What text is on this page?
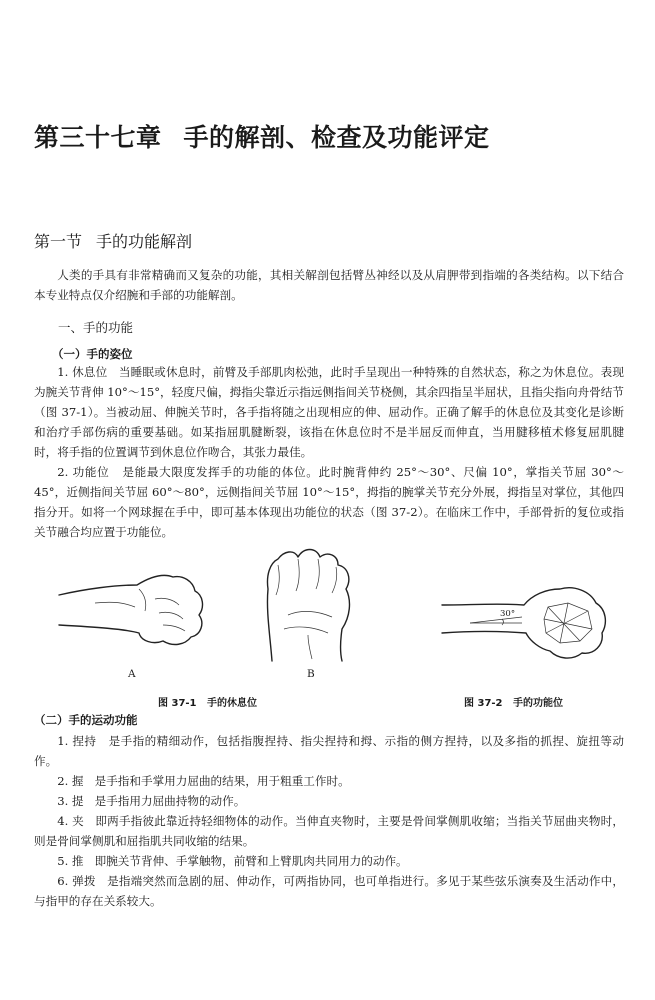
第三十七章 手的解剖、检查及功能评定
第一节 手的功能解剖

人类的手具有非常精确而又复杂的功能，其相关解剖包括臂丛神经以及从肩胛带到指端的各类结构。以下结合本专业特点仅介绍腕和手部的功能解剖。

一、手的功能
（一）手的姿位

1. 休息位 当睡眠或休息时，前臂及手部肌肉松弛，此时手呈现出一种特殊的自然状态，称之为休息位。表现为腕关节背伸 10°～15°，轻度尺偏，拇指尖靠近示指远侧指间关节桡侧，其余四指呈半屈状，且指尖指向舟骨结节（图 37-1）。当被动屈、伸腕关节时，各手指将随之出现相应的伸、屈动作。正确了解手的休息位及其变化是诊断和治疗手部伤病的重要基础。如某指屈肌腱断裂，该指在休息位时不是半屈反而伸直，当用腱移植术修复屈肌腱时，将手指的位置调节到休息位作吻合，其张力最佳。

2. 功能位 是能最大限度发挥手的功能的体位。此时腕背伸约 25°～30°、尺偏 10°，掌指关节屈 30°～45°，近侧指间关节屈 60°～80°，远侧指间关节屈 10°～15°，拇指的腕掌关节充分外展，拇指呈对掌位，其他四指分开。如将一个网球握在手中，即可基本体现出功能位的状态（图 37-2）。在临床工作中，手部骨折的复位或指关节融合均应置于功能位。

A	B
30°
图 37-1 手的休息位	图 37-2 手的功能位
（二）手的运动功能

1. 捏持 是手指的精细动作，包括指腹捏持、指尖捏持和拇、示指的侧方捏持，以及多指的抓捏、旋扭等动作。

2. 握 是手指和手掌用力屈曲的结果，用于粗重工作时。

3. 提 是手指用力屈曲持物的动作。

4. 夹 即两手指彼此靠近持轻细物体的动作。当伸直夹物时，主要是骨间掌侧肌收缩；当指关节屈曲夹物时，则是骨间掌侧肌和屈指肌共同收缩的结果。

5. 推 即腕关节背伸、手掌触物，前臂和上臂肌肉共同用力的动作。

6. 弹拨 是指端突然而急剧的屈、伸动作，可两指协同，也可单指进行。多见于某些弦乐演奏及生活动作中，与指甲的存在关系较大。
